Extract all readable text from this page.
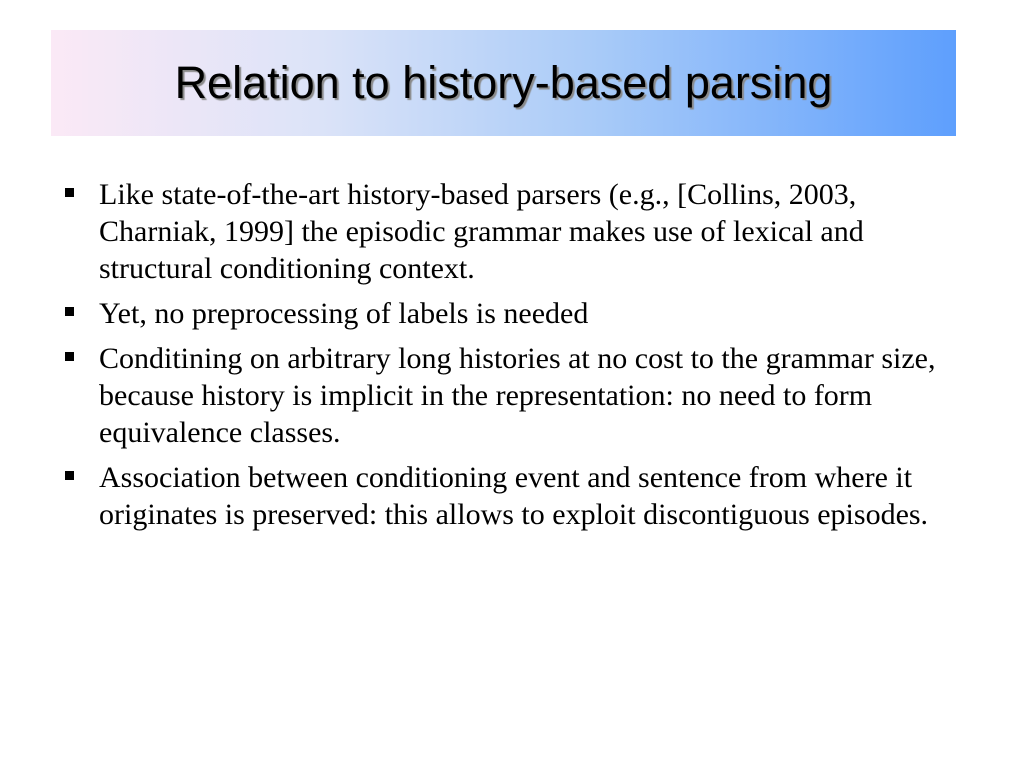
Relation to history-based parsing
Like state-of-the-art history-based parsers (e.g., [Collins, 2003, Charniak, 1999] the episodic grammar makes use of lexical and structural conditioning context.
Yet, no preprocessing of labels is needed
Conditining on arbitrary long histories at no cost to the grammar size, because history is implicit in the representation: no need to form equivalence classes.
Association between conditioning event and sentence from where it originates is preserved: this allows to exploit discontiguous episodes.
